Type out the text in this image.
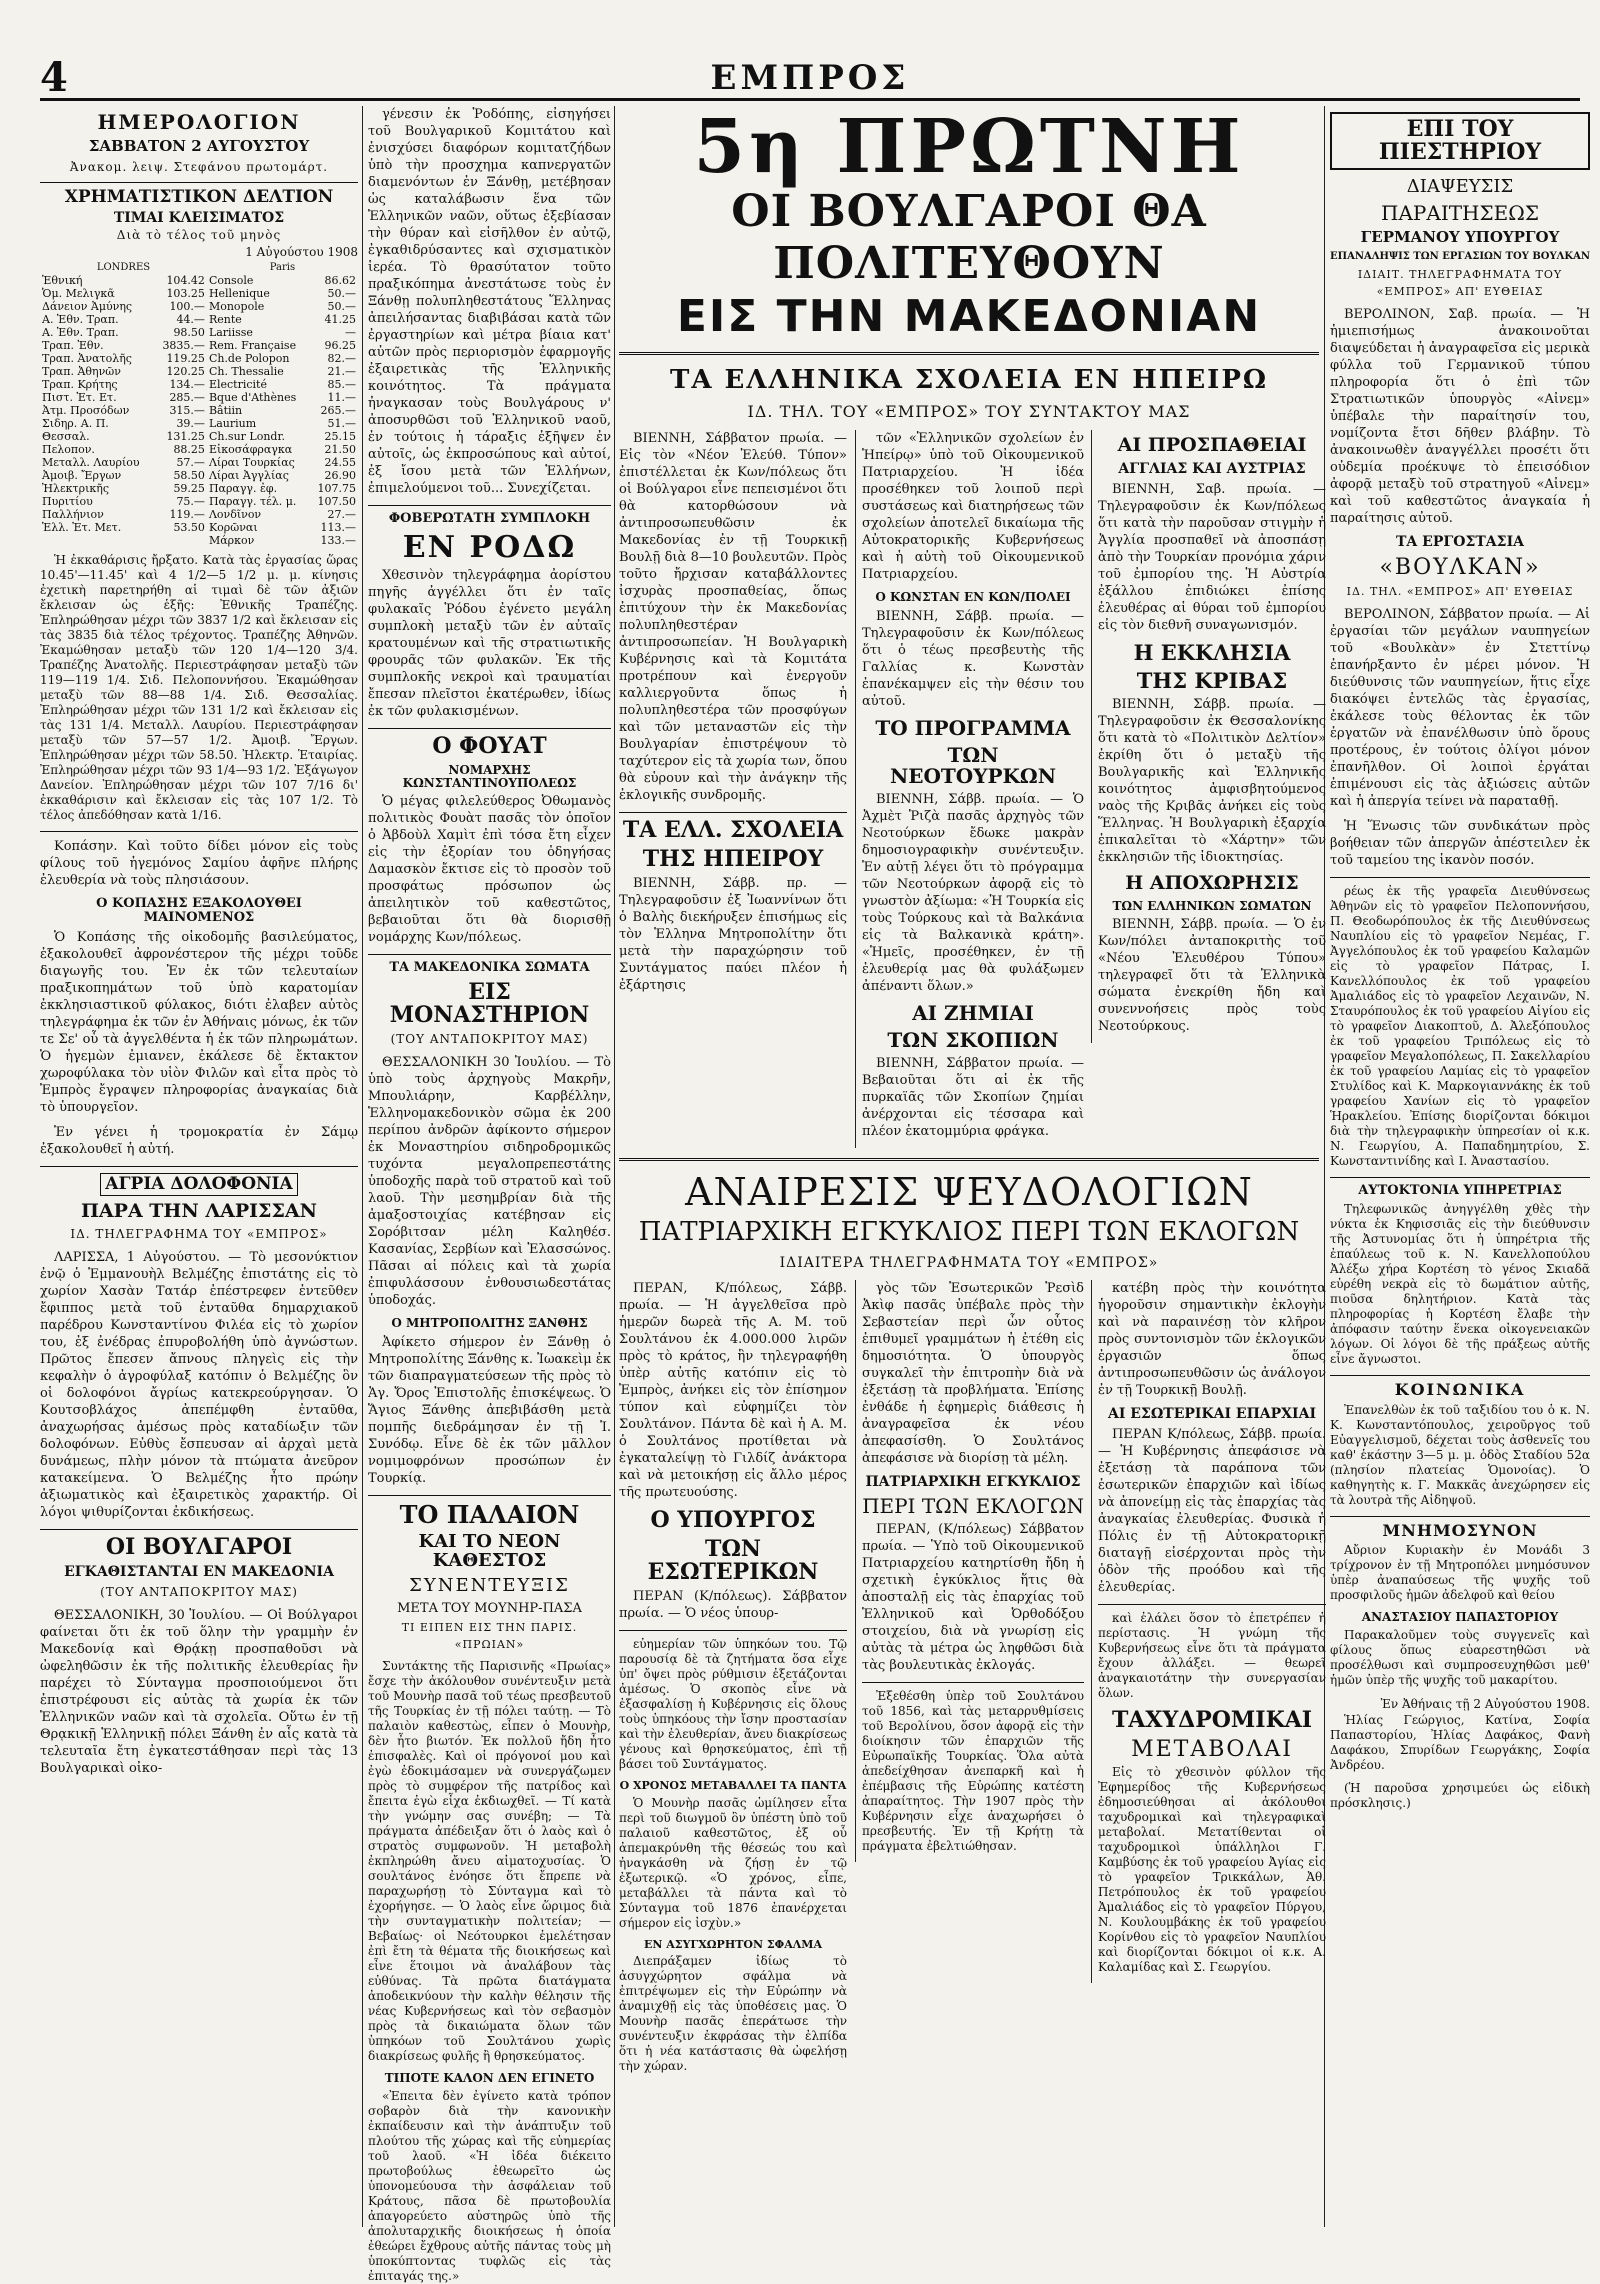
4	ΕΜΠΡΟΣ
ΗΜΕΡΟΛΟΓΙΟΝ
ΣΑΒΒΑΤΟΝ 2 ΑΥΓΟΥΣΤΟΥ
Ἀνακομ. λειψ. Στεφάνου πρωτομάρτ.
ΧΡΗΜΑΤΙΣΤΙΚΟΝ ΔΕΛΤΙΟΝ
ΤΙΜΑΙ ΚΛΕΙΣΙΜΑΤΟΣ
Διὰ τὸ τέλος τοῦ μηνὸς
1 Αὐγούστου 1908
LONDRES		Paris	
Ἐθνική	104.42	Console	86.62
Ὁμ. Μελιγκᾶ	103.25	Hellenique	50.—
Δάνειον Ἀμύνης	100.—	Monopole	50.—
Α. Ἐθν. Τραπ.	44.—	Rente	41.25
Α. Ἐθν. Τραπ.	98.50	Lariisse	—
Τραπ. Ἐθν.	3835.—	Rem. Française	96.25
Τραπ. Ἀνατολῆς	119.25	Ch.de Polopon	82.—
Τραπ. Ἀθηνῶν	120.25	Ch. Thessalie	21.—
Τραπ. Κρήτης	134.—	Electricité	85.—
Πιστ. Ἐτ. Ετ.	285.—	Bque d'Athènes	11.—
Ἀτμ. Προσόδων	315.—	Bâtiin	265.—
Σιδηρ. Α. Π.	39.—	Laurium	51.—
Θεσσαλ.	131.25	Ch.sur Londr.	25.15
Πελοπον.	88.25	Εἰκοσάφραγκα	21.50
Μεταλλ. Λαυρίου	57.—	Λίραι Τουρκίας	24.55
Ἀμοιβ. Ἔργων	58.50	Λίραι Ἀγγλίας	26.90
Ἠλεκτρικῆς	59.25	Παραγγ. ἐφ.	107.75
Πυριτίου	75.—	Παραγγ. τέλ. μ.	107.50
Παλλήνιον	119.—	Λονδῖνον	27.—
Ἑλλ. Ἐτ. Μετ.	53.50	Κορῶναι	113.—
		Μάρκον	133.—

Ἡ ἐκκαθάρισις ἤρξατο. Κατὰ τὰς ἐργασίας ὥρας 10.45'—11.45' καὶ 4 1/2—5 1/2 μ. μ. κίνησις ἐχετικὴ παρετηρήθη αἱ τιμαὶ δὲ τῶν ἀξιῶν ἔκλεισαν ὡς ἑξῆς: Ἐθνικῆς Τραπέζης. Ἐπληρώθησαν μέχρι τῶν 3837 1/2 καὶ ἔκλεισαν εἰς τὰς 3835 διὰ τέλος τρέχοντος. Τραπέζης Ἀθηνῶν. Ἐκαμώθησαν μεταξὺ τῶν 120 1/4—120 3/4. Τραπέζης Ἀνατολῆς. Περιεστράφησαν μεταξὺ τῶν 119—119 1/4. Σιδ. Πελοποννήσου. Ἐκαμώθησαν μεταξὺ τῶν 88—88 1/4. Σιδ. Θεσσαλίας. Ἐπληρώθησαν μέχρι τῶν 131 1/2 καὶ ἔκλεισαν εἰς τὰς 131 1/4. Μεταλλ. Λαυρίου. Περιεστράφησαν μεταξὺ τῶν 57—57 1/2. Ἀμοιβ. Ἔργων. Ἐπληρώθησαν μέχρι τῶν 58.50. Ἠλεκτρ. Ἑταιρίας. Ἐπληρώθησαν μέχρι τῶν 93 1/4—93 1/2. Ἐξάγωγον Δανείον. Ἐπληρώθησαν μέχρι τῶν 107 7/16 δι' ἐκκαθάρισιν καὶ ἔκλεισαν εἰς τὰς 107 1/2. Τὸ τέλος ἀπεδόθησαν κατὰ 1/16.

Κοπάσην. Καὶ τοῦτο δίδει μόνον εἰς τοὺς φίλους τοῦ ἡγεμόνος Σαμίου ἀφῆνε πλήρης ἐλευθερία νὰ τοὺς πλησιάσουν.

Ο ΚΟΠΑΣΗΣ ΕΞΑΚΟΛΟΥΘΕΙ ΜΑΙΝΟΜΕΝΟΣ

Ὁ Κοπάσης τῆς οἰκοδομῆς βασιλεύματος, ἐξακολουθεῖ ἀφρονέστερον τῆς μέχρι τοῦδε διαγωγῆς του. Ἐν ἐκ τῶν τελευταίων πραξικοπημάτων τοῦ ὑπὸ καρατομίαν ἐκκλησιαστικοῦ φύλακος, διότι ἐλαβεν αὐτὸς τηλεγράφημα ἐκ τῶν ἐν Ἀθήναις μόνως, ἐκ τῶν τε Σε' οὗ τὰ ἀγγελθέντα ἡ ἐκ τῶν πληρωμάτων. Ὁ ἡγεμὼν ἐμιανεν, ἐκάλεσε δὲ ἔκτακτον χωροφύλακα τὸν υἱὸν Φιλῶν καὶ εἶτα πρὸς τὸ Ἐμπρὸς ἔγραψεν πληροφορίας ἀναγκαίας διὰ τὸ ὑπουργεῖον.

Ἐν γένει ἡ τρομοκρατία ἐν Σάμῳ ἐξακολουθεῖ ἡ αὐτή.

ΑΓΡΙΑ ΔΟΛΟΦΟΝΙΑ
ΠΑΡΑ ΤΗΝ ΛΑΡΙΣΣΑΝ
ΙΔ. ΤΗΛΕΓΡΑΦΗΜΑ ΤΟΥ «ΕΜΠΡΟΣ»

ΛΑΡΙΣΣΑ, 1 Αὐγούστου. — Τὸ μεσονύκτιον ἐνῷ ὁ Ἐμμανουὴλ Βελμέζης ἐπιστάτης εἰς τὸ χωρίον Χασὰν Τατάρ ἐπέστρεφεν ἐντεῦθεν ἔφιππος μετὰ τοῦ ἐνταῦθα δημαρχιακοῦ παρέδρου Κωνσταντίνου Φιλέα εἰς τὸ χωρίον του, ἐξ ἐνέδρας ἐπυροβολήθη ὑπὸ ἀγνώστων. Πρῶτος ἔπεσεν ἄπνους πληγεὶς εἰς τὴν κεφαλὴν ὁ ἀγροφύλαξ κατόπιν ὁ Βελμέζης ὃν οἱ δολοφόνοι ἄγρίως κατεκρεούργησαν. Ὁ Κουτσοβλάχος ἀπεπέμφθη ἐνταῦθα, ἀναχωρήσας ἀμέσως πρὸς καταδίωξιν τῶν δολοφόνων. Εὐθὺς ἔσπευσαν αἱ ἀρχαὶ μετὰ δυνάμεως, πλὴν μόνον τὰ πτώματα ἀνεῦρον κατακείμενα. Ὁ Βελμέζης ἦτο πρώην ἀξιωματικὸς καὶ ἐξαιρετικὸς χαρακτήρ. Οἱ λόγοι ψιθυρίζονται ἐκδικήσεως.

ΟΙ ΒΟΥΛΓΑΡΟΙ
ΕΓΚΑΘΙΣΤΑΝΤΑΙ ΕΝ ΜΑΚΕΔΟΝΙΑ
(ΤΟΥ ΑΝΤΑΠΟΚΡΙΤΟΥ ΜΑΣ)

ΘΕΣΣΑΛΟΝΙΚΗ, 30 Ἰουλίου. — Οἱ Βούλγαροι φαίνεται ὅτι ἐκ τοῦ ὅλην τὴν γραμμὴν ἐν Μακεδονίᾳ καὶ Θρᾴκῃ προσπαθοῦσι νὰ ὠφεληθῶσιν ἐκ τῆς πολιτικῆς ἐλευθερίας ἣν παρέχει τὸ Σύνταγμα προσποιούμενοι ὅτι ἐπιστρέφουσι εἰς αὐτὰς τὰ χωρία ἐκ τῶν Ἑλληνικῶν ναῶν καὶ τὰ σχολεῖα. Οὕτω ἐν τῇ Θρᾳκικῇ Ἑλληνικῇ πόλει Ξάνθη ἐν αἷς κατὰ τὰ τελευταῖα ἔτη ἐγκατεστάθησαν περὶ τὰς 13 Βουλγαρικαὶ οἰκο-

γένεσιν ἐκ Ῥοδόπης, εἰσηγήσει τοῦ Βουλγαρικοῦ Κομιτάτου καὶ ἐνισχύσει διαφόρων κομιτατζήδων ὑπὸ τὴν προσχημα καπνεργατῶν διαμενόντων ἐν Ξάνθῃ, μετέβησαν ὡς καταλάβωσιν ἕνα τῶν Ἑλληνικῶν ναῶν, οὕτως ἐξεβίασαν τὴν θύραν καὶ εἰσῆλθον ἐν αὐτῷ, ἐγκαθιδρύσαντες καὶ σχισματικὸν ἱερέα. Τὸ θρασύτατον τοῦτο πραξικόπημα ἀνεστάτωσε τοὺς ἐν Ξάνθῃ πολυπληθεστάτους Ἕλληνας ἀπειλήσαντας διαβιβάσαι κατὰ τῶν ἐργαστηρίων καὶ μέτρα βίαια κατ' αὐτῶν πρὸς περιορισμὸν ἐφαρμογῆς ἐξαιρετικὰς τῆς Ἑλληνικῆς κοινότητος. Τὰ πράγματα ἠναγκασαν τοὺς Βουλγάρους ν' ἀποσυρθῶσι τοῦ Ἑλληνικοῦ ναοῦ, ἐν τούτοις ἡ τάραξις ἐξῆψεν ἐν αὐτοῖς, ὡς ἐκπροσώπους καὶ αὐτοί, ἐξ ἴσου μετὰ τῶν Ἑλλήνων, ἐπιμελούμενοι τοῦ... Συνεχίζεται.

ΦΟΒΕΡΩΤΑΤΗ ΣΥΜΠΛΟΚΗ
ΕΝ ΡΟΔΩ

Χθεσινὸν τηλεγράφημα ἀορίστου πηγῆς ἀγγέλλει ὅτι ἐν ταῖς φυλακαῖς Ῥόδου ἐγένετο μεγάλη συμπλοκὴ μεταξὺ τῶν ἐν αὐταῖς κρατουμένων καὶ τῆς στρατιωτικῆς φρουρᾶς τῶν φυλακῶν. Ἐκ τῆς συμπλοκῆς νεκροὶ καὶ τραυματίαι ἔπεσαν πλεῖστοι ἑκατέρωθεν, ἰδίως ἐκ τῶν φυλακισμένων.

Ο ΦΟΥΑΤ
ΝΟΜΑΡΧΗΣ ΚΩΝΣΤΑΝΤΙΝΟΥΠΟΛΕΩΣ

Ὁ μέγας φιλελεύθερος Ὀθωμανὸς πολιτικὸς Φουὰτ πασᾶς τὸν ὁποῖον ὁ Ἀβδοὺλ Χαμὶτ ἐπὶ τόσα ἔτη εἶχεν εἰς τὴν ἐξορίαν του ὁδηγήσας Δαμασκὸν ἔκτισε εἰς τὸ προσὸν τοῦ προσφάτως πρόσωπον ὡς ἀπειλητικὸν τοῦ καθεστῶτος, βεβαιοῦται ὅτι θὰ διορισθῇ νομάρχης Κων/πόλεως.

ΤΑ ΜΑΚΕΔΟΝΙΚΑ ΣΩΜΑΤΑ
ΕΙΣ ΜΟΝΑΣΤΗΡΙΟΝ
(ΤΟΥ ΑΝΤΑΠΟΚΡΙΤΟΥ ΜΑΣ)

ΘΕΣΣΑΛΟΝΙΚΗ 30 Ἰουλίου. — Τὸ ὑπὸ τοὺς ἀρχηγοὺς Μακρῆν, Μπουλιάρην, Καρβέλλην, Ἑλληνομακεδονικὸν σῶμα ἐκ 200 περίπου ἀνδρῶν ἀφίκοντο σήμερον ἐκ Μοναστηρίου σιδηροδρομικῶς τυχόντα μεγαλοπρεπεστάτης ὑποδοχῆς παρὰ τοῦ στρατοῦ καὶ τοῦ λαοῦ. Τὴν μεσημβρίαν διὰ τῆς ἀμαξοστοιχίας κατέβησαν εἰς Σορόβιτσαν μέλη Καληθέσ. Κασανίας, Σερβίων καὶ Ἐλασσώνος. Πᾶσαι αἱ πόλεις καὶ τὰ χωρία ἐπιφυλάσσουν ἐνθουσιωδεστάτας ὑποδοχάς.

Ο ΜΗΤΡΟΠΟΛΙΤΗΣ ΞΑΝΘΗΣ

Ἀφίκετο σήμερον ἐν Ξάνθῃ ὁ Μητροπολίτης Ξάνθης κ. Ἰωακεὶμ ἐκ τῶν διαπραγματεύσεων τῆς πρὸς τὸ Ἁγ. Ὄρος Ἐπιστολῆς ἐπισκέψεως. Ὁ Ἅγιος Ξάνθης ἀπεβιβάσθη μετὰ πομπῆς διεδράμησαν ἐν τῇ Ἰ. Συνόδῳ. Εἶνε δὲ ἐκ τῶν μᾶλλον νομιμοφρόνων προσώπων ἐν Τουρκίᾳ.

ΤΟ ΠΑΛΑΙΟΝ
ΚΑΙ ΤΟ ΝΕΟΝ ΚΑΘΕΣΤΟΣ
ΣΥΝΕΝΤΕΥΞΙΣ
ΜΕΤΑ ΤΟΥ ΜΟΥΝΗΡ-ΠΑΣΑ
ΤΙ ΕΙΠΕΝ ΕΙΣ ΤΗΝ ΠΑΡΙΣ. «ΠΡΩΙΑΝ»

Συντάκτης τῆς Παρισινῆς «Πρωίας» ἔσχε τὴν ἀκόλουθον συνέντευξιν μετὰ τοῦ Μουνὴρ πασᾶ τοῦ τέως πρεσβευτοῦ τῆς Τουρκίας ἐν τῇ πόλει ταύτῃ. — Τὸ παλαιὸν καθεστὼς, εἶπεν ὁ Μουνὴρ, δὲν ἦτο βιωτόν. Ἐκ πολλοῦ ἤδη ἦτο ἐπισφαλὲς. Καὶ οἱ πρόγονοί μου καὶ ἐγὼ ἐδοκιμάσαμεν νὰ συνεργάζωμεν πρὸς τὸ συμφέρον τῆς πατρίδος καὶ ἔπειτα ἐγὼ εἶχα ἐκδιωχθεῖ. — Τί κατὰ τὴν γνώμην σας συνέβη; — Τὰ πράγματα ἀπέδειξαν ὅτι ὁ λαὸς καὶ ὁ στρατὸς συμφωνοῦν. Ἡ μεταβολὴ ἐκπληρώθη ἄνευ αἱματοχυσίας. Ὁ σουλτάνος ἐνόησε ὅτι ἔπρεπε νὰ παραχωρήσῃ τὸ Σύνταγμα καὶ τὸ ἐχορήγησε. — Ὁ λαὸς εἶνε ὥριμος διὰ τὴν συνταγματικὴν πολιτείαν; — Βεβαίως· οἱ Νεότουρκοι ἐμελέτησαν ἐπὶ ἔτη τὰ θέματα τῆς διοικήσεως καὶ εἶνε ἕτοιμοι νὰ ἀναλάβουν τὰς εὐθύνας. Τὰ πρῶτα διατάγματα ἀποδεικνύουν τὴν καλὴν θέλησιν τῆς νέας Κυβερνήσεως καὶ τὸν σεβασμὸν πρὸς τὰ δικαιώματα ὅλων τῶν ὑπηκόων τοῦ Σουλτάνου χωρὶς διακρίσεως φυλῆς ἢ θρησκεύματος.

ΤΙΠΟΤΕ ΚΑΛΟΝ ΔΕΝ ΕΓΙΝΕΤΟ

«Ἐπειτα δὲν ἐγίνετο κατὰ τρόπον σοβαρὸν διὰ τὴν κανονικὴν ἐκπαίδευσιν καὶ τὴν ἀνάπτυξιν τοῦ πλούτου τῆς χώρας καὶ τῆς εὐημερίας τοῦ λαοῦ. «Ἡ ἰδέα διέκειτο πρωτοβούλως ἐθεωρεῖτο ὡς ὑπονομεύουσα τὴν ἀσφάλειαν τοῦ Κράτους, πᾶσα δὲ πρωτοβουλία ἀπαγορεύετο αὐστηρῶς ὑπὸ τῆς ἀπολυταρχικῆς διοικήσεως ἡ ὁποία ἐθεώρει ἔχθρους αὐτῆς πάντας τοὺς μὴ ὑποκύπτοντας τυφλῶς εἰς τὰς ἐπιταγάς της.»

5η ΠΡΩΤΝΗ
ΟΙ ΒΟΥΛΓΑΡΟΙ ΘΑ ΠΟΛΙΤΕΥΘΟΥΝ
ΕΙΣ ΤΗΝ ΜΑΚΕΔΟΝΙΑΝ
ΤΑ ΕΛΛΗΝΙΚΑ ΣΧΟΛΕΙΑ ΕΝ ΗΠΕΙΡΩ
ΙΔ. ΤΗΛ. ΤΟΥ «ΕΜΠΡΟΣ» ΤΟΥ ΣΥΝΤΑΚΤΟΥ ΜΑΣ

ΒΙΕΝΝΗ, Σάββατον πρωία. — Εἰς τὸν «Νέον Ἐλεύθ. Τύπον» ἐπιστέλλεται ἐκ Κων/πόλεως ὅτι οἱ Βούλγαροι εἶνε πεπεισμένοι ὅτι θὰ κατορθώσουν νὰ ἀντιπροσωπευθῶσιν ἐκ Μακεδονίας ἐν τῇ Τουρκικῇ Βουλῇ διὰ 8—10 βουλευτῶν. Πρὸς τοῦτο ἤρχισαν καταβάλλοντες ἰσχυρὰς προσπαθείας, ὅπως ἐπιτύχουν τὴν ἐκ Μακεδονίας πολυπληθεστέραν ἀντιπροσωπείαν. Ἡ Βουλγαρικὴ Κυβέρνησις καὶ τὰ Κομιτάτα προτρέπουν καὶ ἐνεργοῦν καλλιεργοῦντα ὅπως ἡ πολυπληθεστέρα τῶν προσφύγων καὶ τῶν μεταναστῶν εἰς τὴν Βουλγαρίαν ἐπιστρέψουν τὸ ταχύτερον εἰς τὰ χωρία των, ὅπου θὰ εὑρουν καὶ τὴν ἀνάγκην τῆς ἐκλογικῆς συνδρομῆς.

ΤΑ ΕΛΛ. ΣΧΟΛΕΙΑ
ΤΗΣ ΗΠΕΙΡΟΥ

ΒΙΕΝΝΗ, Σάββ. πρ. — Τηλεγραφοῦσιν ἐξ Ἰωαννίνων ὅτι ὁ Βαλὴς διεκήρυξεν ἐπισήμως εἰς τὸν Ἑλληνα Μητροπολίτην ὅτι μετὰ τὴν παραχώρησιν τοῦ Συντάγματος παύει πλέον ἡ ἐξάρτησις

τῶν «Ἑλληνικῶν σχολείων ἐν Ἠπείρῳ» ὑπὸ τοῦ Οἰκουμενικοῦ Πατριαρχείου. Ἡ ἰδέα προσέθηκεν τοῦ λοιποῦ περὶ συστάσεως καὶ διατηρήσεως τῶν σχολείων ἀποτελεῖ δικαίωμα τῆς Αὐτοκρατορικῆς Κυβερνήσεως καὶ ἡ αὐτὴ τοῦ Οἰκουμενικοῦ Πατριαρχείου.

Ο ΚΩΝΣΤΑΝ ΕΝ ΚΩΝ/ΠΟΛΕΙ

ΒΙΕΝΝΗ, Σάββ. πρωία. — Τηλεγραφοῦσιν ἐκ Κων/πόλεως ὅτι ὁ τέως πρεσβευτὴς τῆς Γαλλίας κ. Κωνστὰν ἐπανέκαμψεν εἰς τὴν θέσιν του αὐτοῦ.

ΤΟ ΠΡΟΓΡΑΜΜΑ
ΤΩΝ ΝΕΟΤΟΥΡΚΩΝ

ΒΙΕΝΝΗ, Σάββ. πρωία. — Ὁ Ἀχμὲτ Ῥιζὰ πασᾶς ἀρχηγὸς τῶν Νεοτούρκων ἔδωκε μακρὰν δημοσιογραφικὴν συνέντευξιν. Ἐν αὐτῇ λέγει ὅτι τὸ πρόγραμμα τῶν Νεοτούρκων ἀφορᾷ εἰς τὸ γνωστὸν ἀξίωμα: «Ἡ Τουρκία εἰς τοὺς Τούρκους καὶ τὰ Βαλκάνια εἰς τὰ Βαλκανικὰ κράτη». «Ἡμεῖς, προσέθηκεν, ἐν τῇ ἐλευθερίᾳ μας θὰ φυλάξωμεν ἀπέναντι ὅλων.»

ΑΙ ΖΗΜΙΑΙ
ΤΩΝ ΣΚΟΠΙΩΝ

ΒΙΕΝΝΗ, Σάββατον πρωία. — Βεβαιοῦται ὅτι αἱ ἐκ τῆς πυρκαϊᾶς τῶν Σκοπίων ζημίαι ἀνέρχονται εἰς τέσσαρα καὶ πλέον ἑκατομμύρια φράγκα.

ΑΙ ΠΡΟΣΠΑΘΕΙΑΙ
ΑΓΓΛΙΑΣ ΚΑΙ ΑΥΣΤΡΙΑΣ

ΒΙΕΝΝΗ, Σαβ. πρωία. — Τηλεγραφοῦσιν ἐκ Κων/πόλεως ὅτι κατὰ τὴν παροῦσαν στιγμὴν ἡ Ἀγγλία προσπαθεῖ νὰ ἀποσπάσῃ ἀπὸ τὴν Τουρκίαν προνόμια χάριν τοῦ ἐμπορίου της. Ἡ Αὐστρία ἐξάλλου ἐπιδιώκει ἐπίσης ἐλευθέρας αἱ θύραι τοῦ ἐμπορίου εἰς τὸν διεθνῆ συναγωνισμόν.

Η ΕΚΚΛΗΣΙΑ
ΤΗΣ ΚΡΙΒΑΣ

ΒΙΕΝΝΗ, Σάββ. πρωία. — Τηλεγραφοῦσιν ἐκ Θεσσαλονίκης ὅτι κατὰ τὸ «Πολιτικὸν Δελτίον» ἐκρίθη ὅτι ὁ μεταξὺ τῆς Βουλγαρικῆς καὶ Ἑλληνικῆς κοινότητος ἀμφισβητούμενος ναὸς τῆς Κριβᾶς ἀνήκει εἰς τοὺς Ἕλληνας. Ἡ Βουλγαρικὴ ἐξαρχία ἐπικαλεῖται τὸ «Χάρτην» τῶν ἐκκλησιῶν τῆς ἰδιοκτησίας.

Η ΑΠΟΧΩΡΗΣΙΣ
ΤΩΝ ΕΛΛΗΝΙΚΩΝ ΣΩΜΑΤΩΝ

ΒΙΕΝΝΗ, Σάββ. πρωία. — Ὁ ἐν Κων/πόλει ἀνταποκριτὴς τοῦ «Νέου Ἐλευθέρου Τύπου» τηλεγραφεῖ ὅτι τὰ Ἑλληνικὰ σώματα ἐνεκρίθη ἤδη καὶ συνεννοήσεις πρὸς τοὺς Νεοτούρκους.

ΑΝΑΙΡΕΣΙΣ ΨΕΥΔΟΛΟΓΙΩΝ
ΠΑΤΡΙΑΡΧΙΚΗ ΕΓΚΥΚΛΙΟΣ ΠΕΡΙ ΤΩΝ ΕΚΛΟΓΩΝ
ΙΔΙΑΙΤΕΡΑ ΤΗΛΕΓΡΑΦΗΜΑΤΑ ΤΟΥ «ΕΜΠΡΟΣ»

ΠΕΡΑΝ, Κ/πόλεως, Σάββ. πρωία. — Ἡ ἀγγελθεῖσα πρὸ ἡμερῶν δωρεὰ τῆς Α. Μ. τοῦ Σουλτάνου ἐκ 4.000.000 λιρῶν πρὸς τὸ κράτος, ἣν τηλεγραφήθη ὑπὲρ αὐτῆς κατόπιν εἰς τὸ Ἐμπρὸς, ἀνήκει εἰς τὸν ἐπίσημον τύπον καὶ εὐφημίζει τὸν Σουλτάνον. Πάντα δὲ καὶ ἡ Α. Μ. ὁ Σουλτάνος προτίθεται νὰ ἐγκαταλείψῃ τὸ Γιλδίζ ἀνάκτορα καὶ νὰ μετοικήσῃ εἰς ἄλλο μέρος τῆς πρωτευούσης.

Ο ΥΠΟΥΡΓΟΣ
ΤΩΝ ΕΣΩΤΕΡΙΚΩΝ

ΠΕΡΑΝ (Κ/πόλεως). Σάββατον πρωία. — Ὁ νέος ὑπουρ-

εὐημερίαν τῶν ὑπηκόων του. Τῷ παρουσίᾳ δὲ τὰ ζητήματα ὅσα εἶχε ὑπ' ὄψει πρὸς ρύθμισιν ἐξετάζονται ἀμέσως. Ὁ σκοπὸς εἶνε νὰ ἐξασφαλίσῃ ἡ Κυβέρνησις εἰς ὅλους τοὺς ὑπηκόους τὴν ἴσην προστασίαν καὶ τὴν ἐλευθερίαν, ἄνευ διακρίσεως γένους καὶ θρησκεύματος, ἐπὶ τῇ βάσει τοῦ Συντάγματος.

Ο ΧΡΟΝΟΣ ΜΕΤΑΒΑΛΛΕΙ ΤΑ ΠΑΝΤΑ

Ὁ Μουνὴρ πασᾶς ὡμίλησεν εἶτα περὶ τοῦ διωγμοῦ ὃν ὑπέστη ὑπὸ τοῦ παλαιοῦ καθεστῶτος, ἐξ οὗ ἀπεμακρύνθη τῆς θέσεώς του καὶ ἠναγκάσθη νὰ ζήσῃ ἐν τῷ ἐξωτερικῷ. «Ὁ χρόνος, εἶπε, μεταβάλλει τὰ πάντα καὶ τὸ Σύνταγμα τοῦ 1876 ἐπανέρχεται σήμερον εἰς ἰσχὺν.»

ΕΝ ΑΣΥΓΧΩΡΗΤΟΝ ΣΦΑΛΜΑ

Διεπράξαμεν ἰδίως τὸ ἀσυγχώρητον σφάλμα νὰ ἐπιτρέψωμεν εἰς τὴν Εὐρώπην νὰ ἀναμιχθῇ εἰς τὰς ὑποθέσεις μας. Ὁ Μουνὴρ πασᾶς ἐπεράτωσε τὴν συνέντευξιν ἐκφράσας τὴν ἐλπίδα ὅτι ἡ νέα κατάστασις θὰ ὠφελήσῃ τὴν χώραν.

γὸς τῶν Ἐσωτερικῶν Ῥεσὶδ Ἀκὶφ πασᾶς ὑπέβαλε πρὸς τὴν Σεβαστείαν περὶ ὧν οὗτος ἐπιθυμεῖ γραμμάτων ἡ ἐτέθη εἰς δημοσιότητα. Ὁ ὑπουργὸς συγκαλεῖ τὴν ἐπιτροπὴν διὰ νὰ ἐξετάσῃ τὰ προβλήματα. Ἐπίσης ἐνθάδε ἡ ἐφημερὶς διάθεσις ἡ ἀναγραφεῖσα ἐκ νέου ἀπεφασίσθη. Ὁ Σουλτάνος ἀπεφάσισε νὰ διορίσῃ τὰ μέλη.

ΠΑΤΡΙΑΡΧΙΚΗ ΕΓΚΥΚΛΙΟΣ
ΠΕΡΙ ΤΩΝ ΕΚΛΟΓΩΝ

ΠΕΡΑΝ, (Κ/πόλεως) Σάββατον πρωία. — Ὑπὸ τοῦ Οἰκουμενικοῦ Πατριαρχείου κατηρτίσθη ἤδη ἡ σχετικὴ ἐγκύκλιος ἥτις θὰ ἀποσταλῇ εἰς τὰς ἐπαρχίας τοῦ Ἑλληνικοῦ καὶ Ὀρθοδόξου στοιχείου, διὰ νὰ γνωρίσῃ εἰς αὐτὰς τὰ μέτρα ὡς ληφθῶσι διὰ τὰς βουλευτικὰς ἐκλογάς.

Ἐξεθέσθη ὑπὲρ τοῦ Σουλτάνου τοῦ 1856, καὶ τὰς μεταρρυθμίσεις τοῦ Βερολίνου, ὅσον ἀφορᾷ εἰς τὴν διοίκησιν τῶν ἐπαρχιῶν τῆς Εὐρωπαϊκῆς Τουρκίας. Ὅλα αὐτὰ ἀπεδείχθησαν ἀνεπαρκῆ καὶ ἡ ἐπέμβασις τῆς Εὐρώπης κατέστη ἀπαραίτητος. Τὴν 1907 πρὸς τὴν Κυβέρνησιν εἶχε ἀναχωρήσει ὁ πρεσβευτής. Ἐν τῇ Κρήτῃ τὰ πράγματα ἐβελτιώθησαν.

κατέβη πρὸς τὴν κοινότητα ἡγοροῦσιν σημαντικὴν ἐκλογὴν καὶ νὰ παραινέσῃ τὸν κλῆρον πρὸς συντονισμὸν τῶν ἐκλογικῶν ἐργασιῶν ὅπως ἀντιπροσωπευθῶσιν ὡς ἀνάλογον ἐν τῇ Τουρκικῇ Βουλῇ.

ΑΙ ΕΣΩΤΕΡΙΚΑΙ ΕΠΑΡΧΙΑΙ

ΠΕΡΑΝ Κ/πόλεως, Σάββ. πρωία. — Ἡ Κυβέρνησις ἀπεφάσισε νὰ ἐξετάσῃ τὰ παράπονα τῶν ἐσωτερικῶν ἐπαρχιῶν καὶ ἰδίως νὰ ἀπονείμῃ εἰς τὰς ἐπαρχίας τὰς ἀναγκαίας ἐλευθερίας. Φυσικὰ ἡ Πόλις ἐν τῇ Αὐτοκρατορικῇ διαταγῇ εἰσέρχονται πρὸς τὴν ὁδὸν τῆς προόδου καὶ τῆς ἐλευθερίας.

καὶ ἐλάλει ὅσον τὸ ἐπετρέπεν ἡ περίστασις. Ἡ γνώμη τῆς Κυβερνήσεως εἶνε ὅτι τὰ πράγματα ἔχουν ἀλλάξει. — θεωρεῖ ἀναγκαιοτάτην τὴν συνεργασίαν ὅλων.

ΤΑΧΥΔΡΟΜΙΚΑΙ
ΜΕΤΑΒΟΛΑΙ

Εἰς τὸ χθεσινὸν φύλλον τῆς Ἐφημερίδος τῆς Κυβερνήσεως ἐδημοσιεύθησαι αἱ ἀκόλουθοι ταχυδρομικαὶ καὶ τηλεγραφικαὶ μεταβολαί. Μετατίθενται οἱ ταχυδρομικοὶ ὑπάλληλοι Γ. Καμβύσης ἐκ τοῦ γραφείου Ἀγίας εἰς τὸ γραφεῖον Τρικκάλων, Ἀθ. Πετρόπουλος ἐκ τοῦ γραφείου Ἀμαλιάδος εἰς τὸ γραφεῖον Πύργου, Ν. Κουλουμβάκης ἐκ τοῦ γραφείου Κορίνθου εἰς τὸ γραφεῖον Ναυπλίου καὶ διορίζονται δόκιμοι οἱ κ.κ. Α. Καλαμίδας καὶ Σ. Γεωργίου.

ΕΠΙ ΤΟΥ ΠΙΕΣΤΗΡΙΟΥ
ΔΙΑΨΕΥΣΙΣ
ΠΑΡΑΙΤΗΣΕΩΣ
ΓΕΡΜΑΝΟΥ ΥΠΟΥΡΓΟΥ
ΕΠΑΝΑΛΗΨΙΣ ΤΩΝ ΕΡΓΑΣΙΩΝ ΤΟΥ ΒΟΥΛΚΑΝ
ΙΔΙΑΙΤ. ΤΗΛΕΓΡΑΦΗΜΑΤΑ ΤΟΥ «ΕΜΠΡΟΣ» ΑΠ' ΕΥΘΕΙΑΣ

ΒΕΡΟΛΙΝΟΝ, Σαβ. πρωία. — Ἡ ἡμιεπισήμως ἀνακοινοῦται διαψεύδεται ἡ ἀναγραφεῖσα εἰς μερικὰ φύλλα τοῦ Γερμανικοῦ τύπου πληροφορία ὅτι ὁ ἐπὶ τῶν Στρατιωτικῶν ὑπουργὸς «Αἰνεμ» ὑπέβαλε τὴν παραίτησίν του, νομίζοντα ἔτσι δῆθεν βλάβην. Τὸ ἀνακοινωθὲν ἀναγγέλλει προσέτι ὅτι οὐδεμία προέκυψε τὸ ἐπεισόδιον ἀφορᾷ μεταξὺ τοῦ στρατηγοῦ «Αἰνεμ» καὶ τοῦ καθεστῶτος ἀναγκαία ἡ παραίτησις αὐτοῦ.

ΤΑ ΕΡΓΟΣΤΑΣΙΑ
«ΒΟΥΛΚΑΝ»
ΙΔ. ΤΗΛ. «ΕΜΠΡΟΣ» ΑΠ' ΕΥΘΕΙΑΣ

ΒΕΡΟΛΙΝΟΝ, Σάββατον πρωία. — Αἱ ἐργασίαι τῶν μεγάλων ναυπηγείων τοῦ «Βουλκὰν» ἐν Στεττίνῳ ἐπανήρξαντο ἐν μέρει μόνον. Ἡ διεύθυνσις τῶν ναυπηγείων, ἥτις εἶχε διακόψει ἐντελῶς τὰς ἐργασίας, ἐκάλεσε τοὺς θέλοντας ἐκ τῶν ἐργατῶν νὰ ἐπανέλθωσιν ὑπὸ ὅρους προτέρους, ἐν τούτοις ὀλίγοι μόνον ἐπανῆλθον. Οἱ λοιποὶ ἐργάται ἐπιμένουσι εἰς τὰς ἀξιώσεις αὐτῶν καὶ ἡ ἀπεργία τείνει νὰ παραταθῇ.

Ἡ Ἕνωσις τῶν συνδικάτων πρὸς βοήθειαν τῶν ἀπεργῶν ἀπέστειλεν ἐκ τοῦ ταμείου της ἱκανὸν ποσόν.

ρέως ἐκ τῆς γραφεῖα Διευθύνσεως Ἀθηνῶν εἰς τὸ γραφεῖον Πελοποννήσου, Π. Θεοδωρόπουλος ἐκ τῆς Διευθύνσεως Ναυπλίου εἰς τὸ γραφεῖον Νεμέας, Γ. Ἀγγελόπουλος ἐκ τοῦ γραφείου Καλαμῶν εἰς τὸ γραφεῖον Πάτρας, Ι. Κανελλόπουλος ἐκ τοῦ γραφείου Ἀμαλιάδος εἰς τὸ γραφεῖον Λεχαινῶν, Ν. Σταυρόπουλος ἐκ τοῦ γραφείου Αἰγίου εἰς τὸ γραφεῖον Διακοπτοῦ, Δ. Ἀλεξόπουλος ἐκ τοῦ γραφείου Τριπόλεως εἰς τὸ γραφεῖον Μεγαλοπόλεως, Π. Σακελλαρίου ἐκ τοῦ γραφείου Λαμίας εἰς τὸ γραφεῖον Στυλίδος καὶ Κ. Μαρκογιαννάκης ἐκ τοῦ γραφείου Χανίων εἰς τὸ γραφεῖον Ἡρακλείου. Ἐπίσης διορίζονται δόκιμοι διὰ τὴν τηλεγραφικὴν ὑπηρεσίαν οἱ κ.κ. Ν. Γεωργίου, Α. Παπαδημητρίου, Σ. Κωνσταντινίδης καὶ Ι. Ἀναστασίου.

ΑΥΤΟΚΤΟΝΙΑ ΥΠΗΡΕΤΡΙΑΣ

Τηλεφωνικῶς ἀνηγγέλθη χθὲς τὴν νύκτα ἐκ Κηφισσιᾶς εἰς τὴν διεύθυνσιν τῆς Ἀστυνομίας ὅτι ἡ ὑπηρέτρια τῆς ἐπαύλεως τοῦ κ. Ν. Κανελλοπούλου Ἀλέξω χήρα Κορτέση τὸ γένος Σκιαδᾶ εὑρέθη νεκρὰ εἰς τὸ δωμάτιον αὐτῆς, πιοῦσα δηλητήριον. Κατὰ τὰς πληροφορίας ἡ Κορτέση ἔλαβε τὴν ἀπόφασιν ταύτην ἕνεκα οἰκογενειακῶν λόγων. Οἱ λόγοι δὲ τῆς πράξεως αὐτῆς εἶνε ἄγνωστοι.

ΚΟΙΝΩΝΙΚΑ

Ἐπανελθὼν ἐκ τοῦ ταξιδίου του ὁ κ. Ν. Κ. Κωνσταντόπουλος, χειροῦργος τοῦ Εὐαγγελισμοῦ, δέχεται τοὺς ἀσθενεῖς του καθ' ἑκάστην 3—5 μ. μ. ὁδὸς Σταδίου 52α (πλησίον πλατείας Ὁμονοίας). Ὁ καθηγητὴς κ. Γ. Μακκᾶς ἀνεχώρησεν εἰς τὰ λουτρὰ τῆς Αἰδηψοῦ.

ΜΝΗΜΟΣΥΝΟΝ

Αὔριον Κυριακὴν ἐν Μονάδι 3 τρίχρονον ἐν τῇ Μητροπόλει μνημόσυνον ὑπὲρ ἀναπαύσεως τῆς ψυχῆς τοῦ προσφιλοῦς ἡμῶν ἀδελφοῦ καὶ θείου

ΑΝΑΣΤΑΣΙΟΥ ΠΑΠΑΣΤΟΡΙΟΥ

Παρακαλοῦμεν τοὺς συγγενεῖς καὶ φίλους ὅπως εὐαρεστηθῶσι νὰ προσέλθωσι καὶ συμπροσευχηθῶσι μεθ' ἡμῶν ὑπὲρ τῆς ψυχῆς τοῦ μακαρίτου.

Ἐν Ἀθήναις τῇ 2 Αὐγούστου 1908.

Ἡλίας Γεώργιος, Κατίνα, Σοφία Παπαστορίου, Ἠλίας Δαφάκος, Φανὴ Δαφάκου, Σπυρίδων Γεωργάκης, Σοφία Ἀνδρέου.

(Ἡ παροῦσα χρησιμεύει ὡς εἰδικὴ πρόσκλησις.)
